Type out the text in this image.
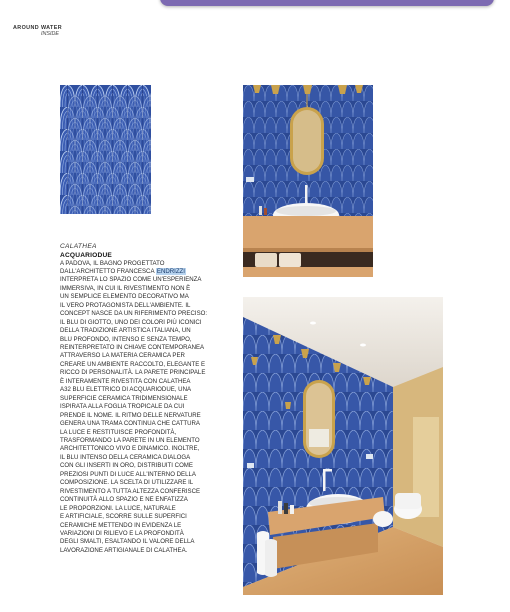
AROUND WATER
INSIDE
CALATHEA
ACQUARIODUE
A PADOVA, IL BAGNO PROGETTATO
DALL'ARCHITETTO FRANCESCA ENDRIZZI
INTERPRETA LO SPAZIO COME UN'ESPERIENZA
IMMERSIVA, IN CUI IL RIVESTIMENTO NON È
UN SEMPLICE ELEMENTO DECORATIVO MA
IL VERO PROTAGONISTA DELL'AMBIENTE. IL
CONCEPT NASCE DA UN RIFERIMENTO PRECISO:
IL BLU DI GIOTTO, UNO DEI COLORI PIÙ ICONICI
DELLA TRADIZIONE ARTISTICA ITALIANA, UN
BLU PROFONDO, INTENSO E SENZA TEMPO,
REINTERPRETATO IN CHIAVE CONTEMPORANEA
ATTRAVERSO LA MATERIA CERAMICA PER
CREARE UN AMBIENTE RACCOLTO, ELEGANTE E
RICCO DI PERSONALITÀ. LA PARETE PRINCIPALE
È INTERAMENTE RIVESTITA CON CALATHEA
A32 BLU ELETTRICO DI ACQUARIODUE, UNA
SUPERFICIE CERAMICA TRIDIMENSIONALE
ISPIRATA ALLA FOGLIA TROPICALE DA CUI
PRENDE IL NOME. IL RITMO DELLE NERVATURE
GENERA UNA TRAMA CONTINUA CHE CATTURA
LA LUCE E RESTITUISCE PROFONDITÀ,
TRASFORMANDO LA PARETE IN UN ELEMENTO
ARCHITETTONICO VIVO E DINAMICO. INOLTRE,
IL BLU INTENSO DELLA CERAMICA DIALOGA
CON GLI INSERTI IN ORO, DISTRIBUITI COME
PREZIOSI PUNTI DI LUCE ALL'INTERNO DELLA
COMPOSIZIONE. LA SCELTA DI UTILIZZARE IL
RIVESTIMENTO A TUTTA ALTEZZA CONFERISCE
CONTINUITÀ ALLO SPAZIO E NE ENFATIZZA
LE PROPORZIONI. LA LUCE, NATURALE
E ARTIFICIALE, SCORRE SULLE SUPERFICI
CERAMICHE METTENDO IN EVIDENZA LE
VARIAZIONI DI RILIEVO E LA PROFONDITÀ
DEGLI SMALTI, ESALTANDO IL VALORE DELLA
LAVORAZIONE ARTIGIANALE DI CALATHEA.
